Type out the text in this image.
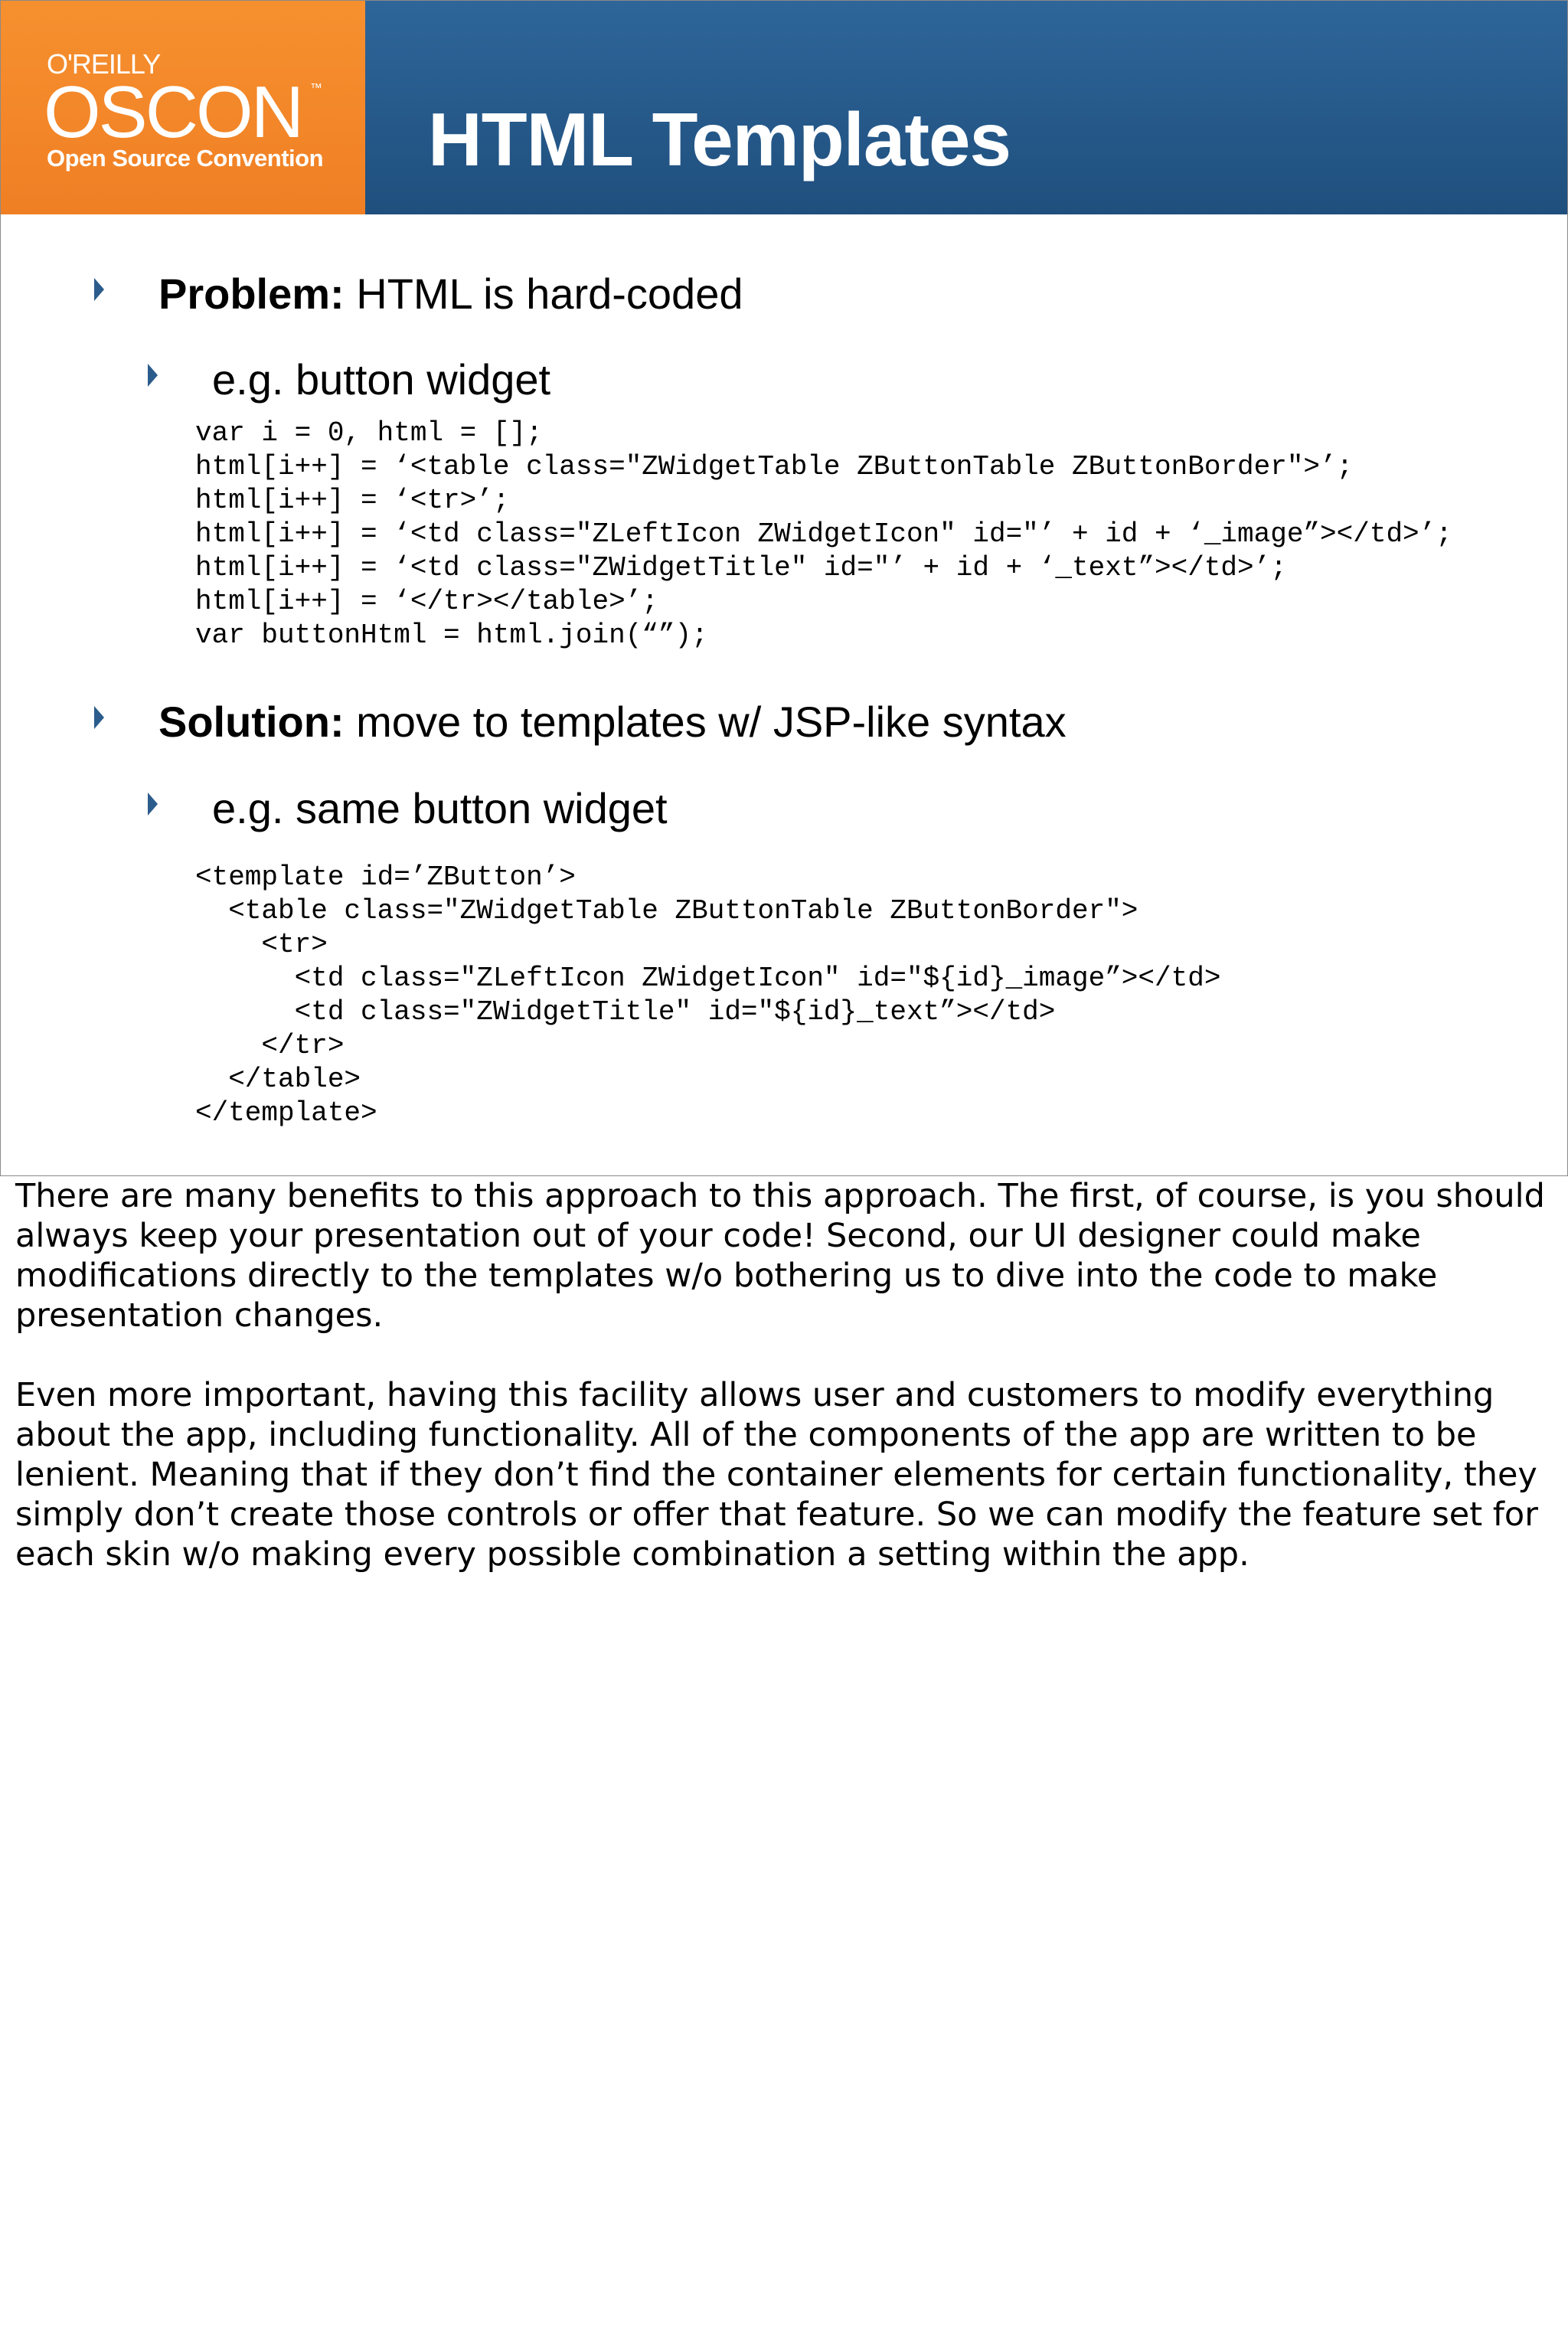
O'REILLY
OSCON ™
Open Source Convention HTML Templates
Problem: HTML is hard-coded
e.g. button widget
var i = 0, html = [];
html[i++] = ‘<table class="ZWidgetTable ZButtonTable ZButtonBorder">’;
html[i++] = ‘<tr>’;
html[i++] = ‘<td class="ZLeftIcon ZWidgetIcon" id="’ + id + ‘_image”></td>’;
html[i++] = ‘<td class="ZWidgetTitle" id="’ + id + ‘_text”></td>’;
html[i++] = ‘</tr></table>’;
var buttonHtml = html.join(“”);
Solution: move to templates w/ JSP-like syntax
e.g. same button widget
<template id=’ZButton’>
<table class="ZWidgetTable ZButtonTable ZButtonBorder">
<tr>
<td class="ZLeftIcon ZWidgetIcon" id="${id}_image”></td>
<td class="ZWidgetTitle" id="${id}_text”></td>
</tr>
</table>
</template>

There are many benefits to this approach to this approach. The first, of course, is you should always keep your presentation out of your code! Second, our UI designer could make modifications directly to the templates w/o bothering us to dive into the code to make presentation changes.

Even more important, having this facility allows user and customers to modify everything about the app, including functionality. All of the components of the app are written to be lenient. Meaning that if they don’t find the container elements for certain functionality, they simply don’t create those controls or offer that feature. So we can modify the feature set for each skin w/o making every possible combination a setting within the app.
